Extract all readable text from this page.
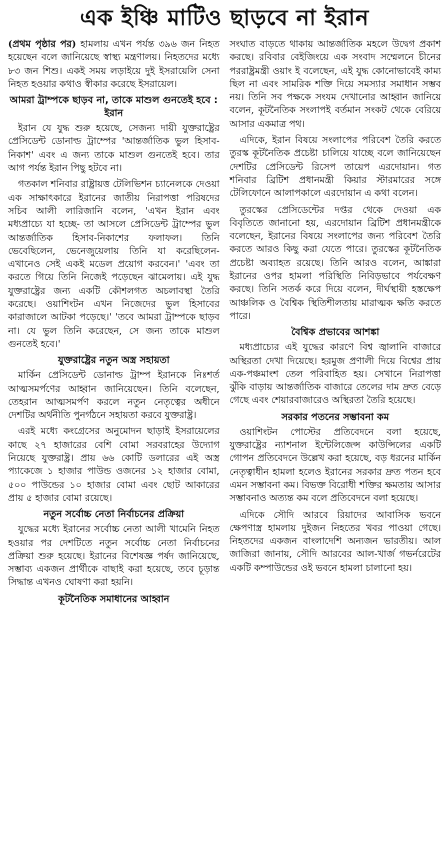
এক ইঞ্চি মাটিও ছাড়বে না ইরান

(প্রথম পৃষ্ঠার পর) হামলায় এখন পর্যন্ত ৩৯৬ জন নিহত হয়েছেন বলে জানিয়েছে স্বাস্থ্য মন্ত্রণালয়। নিহতদের মধ্যে ৮৩ জন শিশু। একই সময় লড়াইয়ে দুই ইসরায়েলি সেনা নিহত হওয়ার কথাও স্বীকার করেছে ইসরায়েল।

আমরা ট্রাম্পকে ছাড়ব না, তাকে মাশুল গুনতেই হবে : ইরান

ইরান যে যুদ্ধ শুরু হয়েছে, সেজন্য দায়ী যুক্তরাষ্ট্রের প্রেসিডেন্ট ডোনাল্ড ট্রাম্পের 'আন্তর্জাতিক ভুল হিসাব-নিকাশ' এবং এ জন্য তাকে মাশুল গুনতেই হবে। তার আগ পর্যন্ত ইরান পিছু হটবে না।

গতকাল শনিবার রাষ্ট্রায়ত্ত টেলিভিশন চ্যানেলকে দেওয়া এক সাক্ষাৎকারে ইরানের জাতীয় নিরাপত্তা পরিষদের সচিব আলী লারিজানি বলেন, 'এখন ইরান এবং মধ্যপ্রাচ্যে যা হচ্ছে- তা আসলে প্রেসিডেন্ট ট্রাম্পের ভুল আন্তর্জাতিক হিসাব-নিকাশের ফলাফল। তিনি ভেবেছিলেন, ভেনেজুয়েলায় তিনি যা করেছিলেন- এখানেও সেই একই মডেল প্রয়োগ করবেন।' 'এবং তা করতে গিয়ে তিনি নিজেই পড়েছেন ঝামেলায়। এই যুদ্ধ যুক্তরাষ্ট্রের জন্য একটি কৌশলগত অচলাবস্থা তৈরি করেছে। ওয়াশিংটন এখন নিজেদের ভুল হিসাবের কারাজালে আটকা পড়েছে।' 'তবে আমরা ট্রাম্পকে ছাড়ব না। যে ভুল তিনি করেছেন, সে জন্য তাকে মাশুল গুনতেই হবে।'

যুক্তরাষ্ট্রের নতুন অস্ত্র সহায়তা

মার্কিন প্রেসিডেন্ট ডোনাল্ড ট্রাম্প ইরানকে নিঃশর্ত আত্মসমর্পণের আহ্বান জানিয়েছেন। তিনি বলেছেন, তেহরান আত্মসমর্পণ করলে নতুন নেতৃত্বের অধীনে দেশটির অর্থনীতি পুনর্গঠনে সহায়তা করবে যুক্তরাষ্ট্র।

এরই মধ্যে কংগ্রেসের অনুমোদন ছাড়াই ইসরায়েলের কাছে ২৭ হাজারের বেশি বোমা সরবরাহের উদ্যোগ নিয়েছে যুক্তরাষ্ট্র। প্রায় ৬৬ কোটি ডলারের এই অস্ত্র প্যাকেজে ১ হাজার পাউন্ড ওজনের ১২ হাজার বোমা, ৫০০ পাউন্ডের ১০ হাজার বোমা এবং ছোট আকারের প্রায় ৫ হাজার বোমা রয়েছে।

নতুন সর্বোচ্চ নেতা নির্বাচনের প্রক্রিয়া

যুদ্ধের মধ্যে ইরানের সর্বোচ্চ নেতা আলী খামেনি নিহত হওয়ার পর দেশটিতে নতুন সর্বোচ্চ নেতা নির্বাচনের প্রক্রিয়া শুরু হয়েছে। ইরানের বিশেষজ্ঞ পর্ষদ জানিয়েছে, সম্ভাব্য একজন প্রার্থীকে বাছাই করা হয়েছে, তবে চূড়ান্ত সিদ্ধান্ত এখনও ঘোষণা করা হয়নি।

কূটনৈতিক সমাধানের আহ্বান

সংঘাত বাড়তে থাকায় আন্তর্জাতিক মহলে উদ্বেগ প্রকাশ করছে। রবিবার বেইজিংয়ে এক সংবাদ সম্মেলনে চীনের পররাষ্ট্রমন্ত্রী ওয়াং ই বলেছেন, এই যুদ্ধ কোনোভাবেই কাম্য ছিল না এবং সামরিক শক্তি দিয়ে সমস্যার সমাধান সম্ভব নয়। তিনি সব পক্ষকে সংযম দেখানোর আহ্বান জানিয়ে বলেন, কূটনৈতিক সংলাপই বর্তমান সংকট থেকে বেরিয়ে আসার একমাত্র পথ।

এদিকে, ইরান বিষয়ে সংলাপের পরিবেশ তৈরি করতে তুরস্ক কূটনৈতিক প্রচেষ্টা চালিয়ে যাচ্ছে বলে জানিয়েছেন দেশটির প্রেসিডেন্ট রিসেপ তায়েপ এরদোয়ান। গত শনিবার ব্রিটিশ প্রধানমন্ত্রী কিয়ার স্টারমারের সঙ্গে টেলিফোনে আলাপকালে এরদোয়ান এ কথা বলেন।

তুরস্কের প্রেসিডেন্টের দপ্তর থেকে দেওয়া এক বিবৃতিতে জানানো হয়, এরদোয়ান ব্রিটিশ প্রধানমন্ত্রীকে বলেছেন, ইরানের বিষয়ে সংলাপের জন্য পরিবেশ তৈরি করতে আরও কিছু করা যেতে পারে। তুরস্কের কূটনৈতিক প্রচেষ্টা অব্যাহত রয়েছে। তিনি আরও বলেন, আঙ্কারা ইরানের ওপর হামলা পরিস্থিতি নিবিড়ভাবে পর্যবেক্ষণ করছে। তিনি সতর্ক করে দিয়ে বলেন, দীর্ঘস্থায়ী হস্তক্ষেপ আঞ্চলিক ও বৈশ্বিক স্থিতিশীলতায় মারাত্মক ক্ষতি করতে পারে।

বৈশ্বিক প্রভাবের আশঙ্কা

মধ্যপ্রাচ্যের এই যুদ্ধের কারণে বিশ্ব জ্বালানি বাজারে অস্থিরতা দেখা দিয়েছে। হরমুজ প্রণালী দিয়ে বিশ্বের প্রায় এক-পঞ্চমাংশ তেল পরিবাহিত হয়। সেখানে নিরাপত্তা ঝুঁকি বাড়ায় আন্তর্জাতিক বাজারে তেলের দাম দ্রুত বেড়ে গেছে এবং শেয়ারবাজারেও অস্থিরতা তৈরি হয়েছে।

সরকার পতনের সম্ভাবনা কম

ওয়াশিংটন পোস্টের প্রতিবেদনে বলা হয়েছে, যুক্তরাষ্ট্রের ন্যাশনাল ইন্টেলিজেন্স কাউন্সিলের একটি গোপন প্রতিবেদনে উল্লেখ করা হয়েছে, বড় ধরনের মার্কিন নেতৃত্বাধীন হামলা হলেও ইরানের সরকার দ্রুত পতন হবে এমন সম্ভাবনা কম। বিভক্ত বিরোধী শক্তির ক্ষমতায় আসার সম্ভাবনাও অত্যন্ত কম বলে প্রতিবেদনে বলা হয়েছে।

এদিকে সৌদি আরবে রিয়াদের আবাসিক ভবনে ক্ষেপণাস্ত্র হামলায় দুইজন নিহতের খবর পাওয়া গেছে। নিহতদের একজন বাংলাদেশি অন্যজন ভারতীয়। আল জাজিরা জানায়, সৌদি আরবের আল-খার্জ গভর্নরেটের একটি কম্পাউন্ডের ওই ভবনে হামলা চালানো হয়।
